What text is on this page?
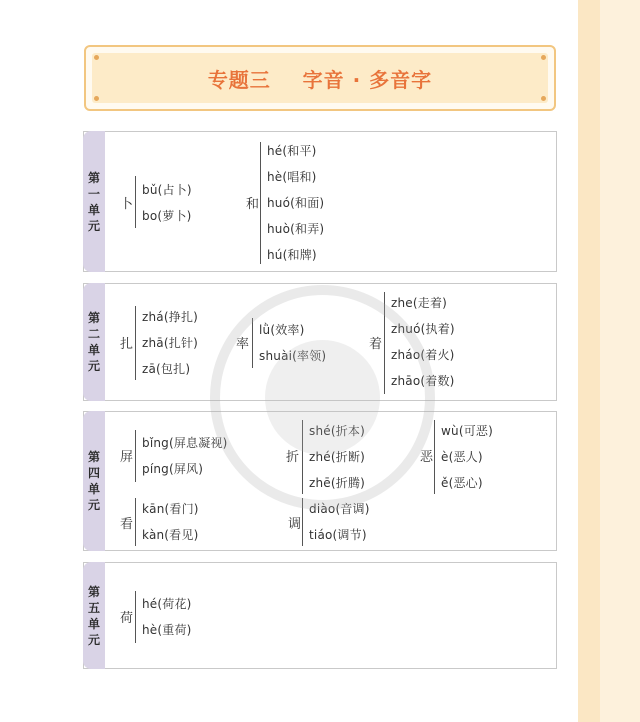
专题三    字音 · 多音字
第
一
单
元
卜
bǔ(占卜)
bo(萝卜)
和
hé(和平)
hè(唱和)
huó(和面)
huò(和弄)
hú(和牌)
第
二
单
元
扎
zhá(挣扎)
zhā(扎针)
zā(包扎)
率
lǜ(效率)
shuài(率领)
着
zhe(走着)
zhuó(执着)
zháo(着火)
zhāo(着数)
第
四
单
元
屏
bǐng(屏息凝视)
píng(屏风)
折
shé(折本)
zhé(折断)
zhē(折腾)
恶
wù(可恶)
è(恶人)
ě(恶心)
看
kān(看门)
kàn(看见)
调
diào(音调)
tiáo(调节)
第
五
单
元
荷
hé(荷花)
hè(重荷)
